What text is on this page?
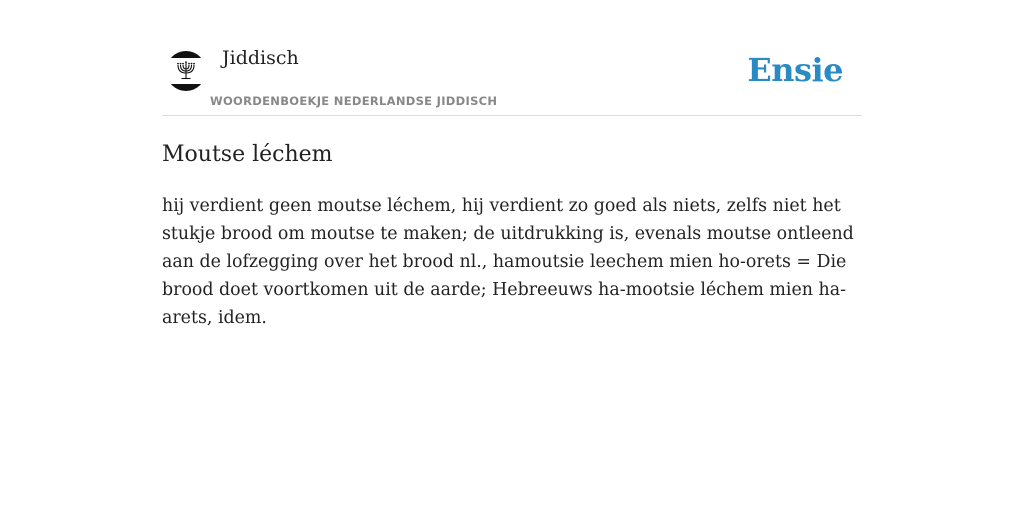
Jiddisch
WOORDENBOEKJE NEDERLANDSE JIDDISCH
Ensie
Moutse léchem

hij verdient geen moutse léchem, hij verdient zo goed als niets, zelfs niet het stukje brood om moutse te maken; de uitdrukking is, evenals moutse ontleend aan de lofzegging over het brood nl., hamoutsie leechem mien ho-orets = Die brood doet voortkomen uit de aarde; Hebreeuws ha-mootsie léchem mien ha-arets, idem.
